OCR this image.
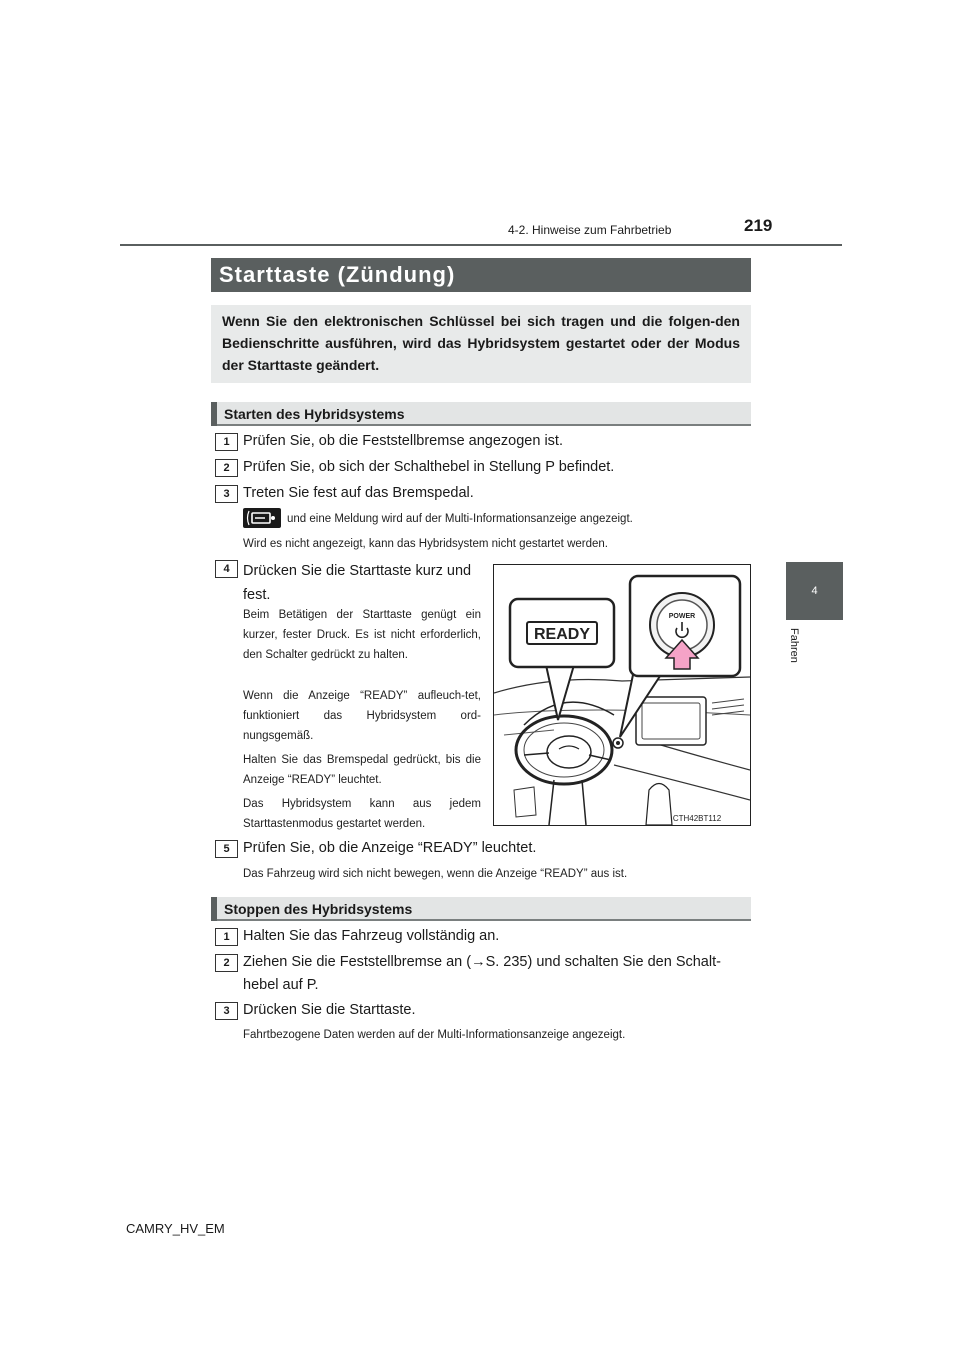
4-2. Hinweise zum Fahrbetrieb	219
4
Fahren
Starttaste (Zündung)
Wenn Sie den elektronischen Schlüssel bei sich tragen und die folgen-den Bedienschritte ausführen, wird das Hybridsystem gestartet oder der Modus der Starttaste geändert.
Starten des Hybridsystems
1 Prüfen Sie, ob die Feststellbremse angezogen ist.
2 Prüfen Sie, ob sich der Schalthebel in Stellung P befindet.
3 Treten Sie fest auf das Bremspedal.
und eine Meldung wird auf der Multi-Informationsanzeige angezeigt.
Wird es nicht angezeigt, kann das Hybridsystem nicht gestartet werden.
4 Drücken Sie die Starttaste kurz und fest.
Beim Betätigen der Starttaste genügt ein kurzer, fester Druck. Es ist nicht erforderlich, den Schalter gedrückt zu halten.
Wenn die Anzeige “READY” aufleuch-tet, funktioniert das Hybridsystem ord-nungsgemäß.
Halten Sie das Bremspedal gedrückt, bis die Anzeige “READY” leuchtet.
Das Hybridsystem kann aus jedem Starttastenmodus gestartet werden.
READY
POWER
CTH42BT112
5 Prüfen Sie, ob die Anzeige “READY” leuchtet.
Das Fahrzeug wird sich nicht bewegen, wenn die Anzeige “READY” aus ist.
Stoppen des Hybridsystems
1 Halten Sie das Fahrzeug vollständig an.
2 Ziehen Sie die Feststellbremse an (→S. 235) und schalten Sie den Schalt-hebel auf P.
3 Drücken Sie die Starttaste.
Fahrtbezogene Daten werden auf der Multi-Informationsanzeige angezeigt.
CAMRY_HV_EM
